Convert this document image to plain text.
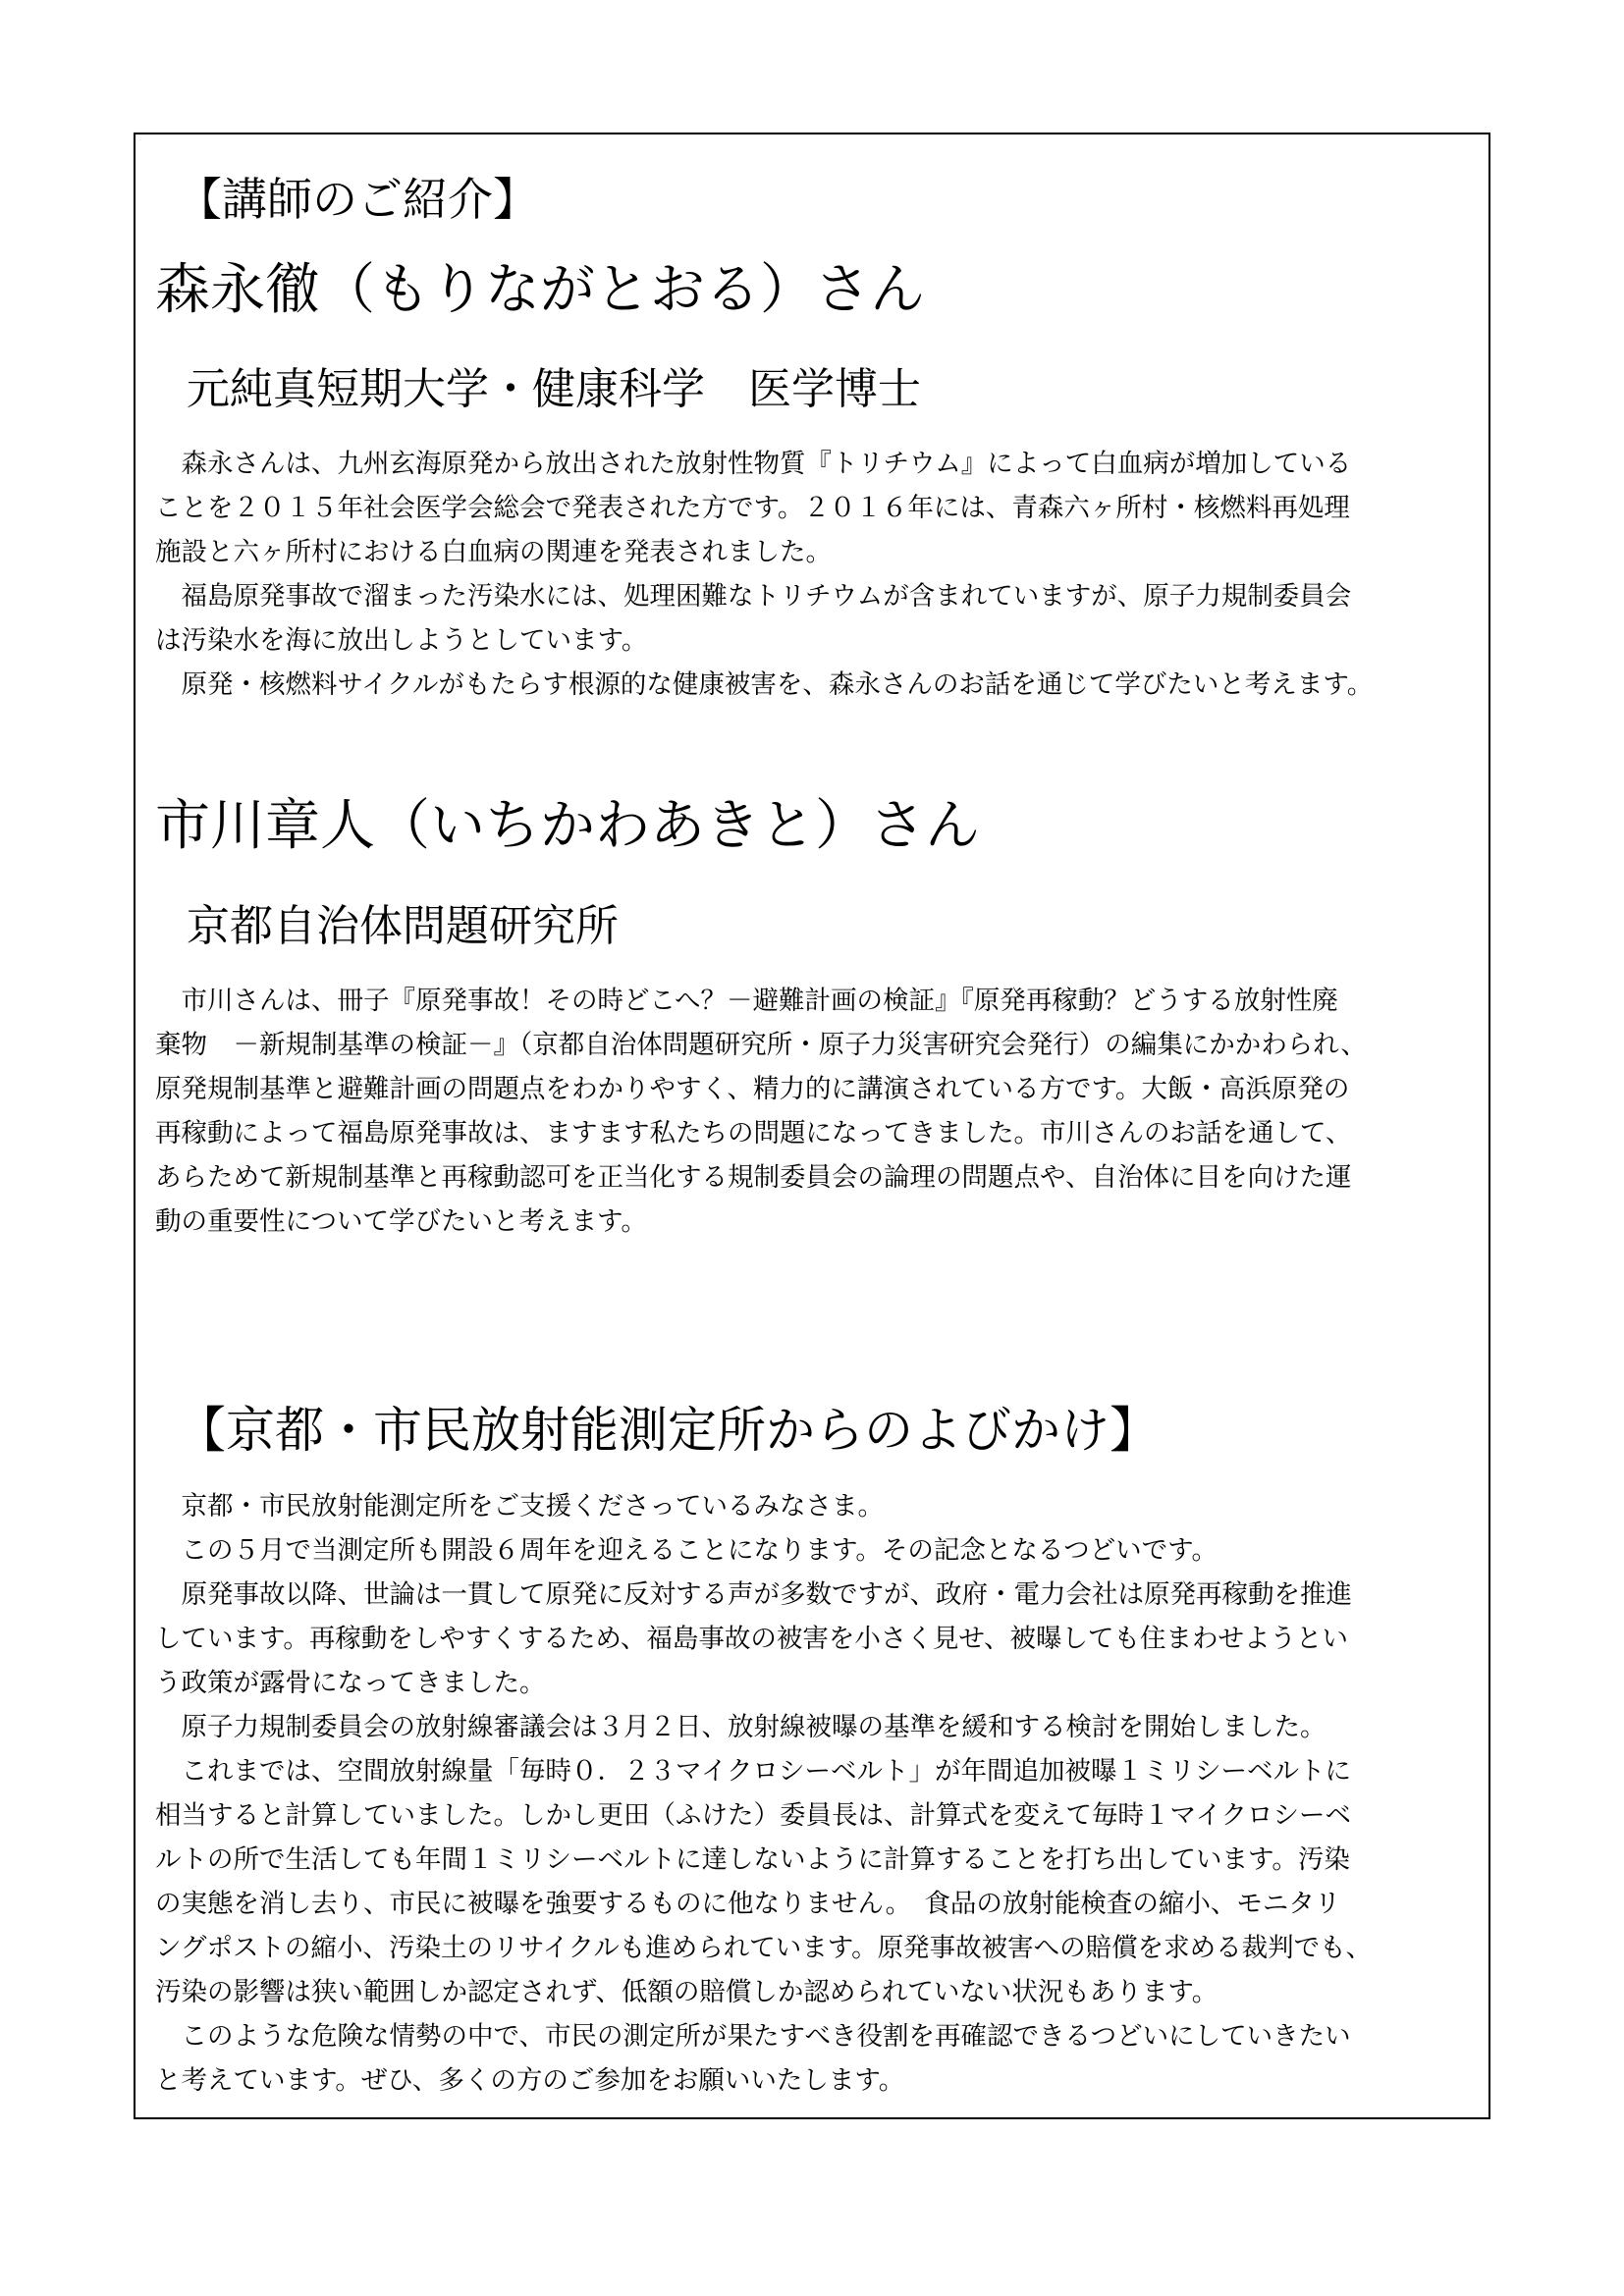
【講師のご紹介】
森永徹（もりながとおる）さん
元純真短期大学・健康科学　医学博士
　森永さんは、九州玄海原発から放出された放射性物質『トリチウム』によって白血病が増加している
ことを２０１５年社会医学会総会で発表された方です。２０１６年には、青森六ヶ所村・核燃料再処理
施設と六ヶ所村における白血病の関連を発表されました。
　福島原発事故で溜まった汚染水には、処理困難なトリチウムが含まれていますが、原子力規制委員会
は汚染水を海に放出しようとしています。
　原発・核燃料サイクルがもたらす根源的な健康被害を、森永さんのお話を通じて学びたいと考えます。
市川章人（いちかわあきと）さん
京都自治体問題研究所
　市川さんは、冊子『原発事故！その時どこへ？－避難計画の検証』『原発再稼動？どうする放射性廃
棄物　－新規制基準の検証－』（京都自治体問題研究所・原子力災害研究会発行）の編集にかかわられ、
原発規制基準と避難計画の問題点をわかりやすく、精力的に講演されている方です。大飯・高浜原発の
再稼動によって福島原発事故は、ますます私たちの問題になってきました。市川さんのお話を通して、
あらためて新規制基準と再稼動認可を正当化する規制委員会の論理の問題点や、自治体に目を向けた運
動の重要性について学びたいと考えます。
【京都・市民放射能測定所からのよびかけ】
　京都・市民放射能測定所をご支援くださっているみなさま。
　この５月で当測定所も開設６周年を迎えることになります。その記念となるつどいです。
　原発事故以降、世論は一貫して原発に反対する声が多数ですが、政府・電力会社は原発再稼動を推進
しています。再稼動をしやすくするため、福島事故の被害を小さく見せ、被曝しても住まわせようとい
う政策が露骨になってきました。
　原子力規制委員会の放射線審議会は３月２日、放射線被曝の基準を緩和する検討を開始しました。
　これまでは、空間放射線量「毎時０．２３マイクロシーベルト」が年間追加被曝１ミリシーベルトに
相当すると計算していました。しかし更田（ふけた）委員長は、計算式を変えて毎時１マイクロシーベ
ルトの所で生活しても年間１ミリシーベルトに達しないように計算することを打ち出しています。汚染
の実態を消し去り、市民に被曝を強要するものに他なりません。　食品の放射能検査の縮小、モニタリ
ングポストの縮小、汚染土のリサイクルも進められています。原発事故被害への賠償を求める裁判でも、
汚染の影響は狭い範囲しか認定されず、低額の賠償しか認められていない状況もあります。
　このような危険な情勢の中で、市民の測定所が果たすべき役割を再確認できるつどいにしていきたい
と考えています。ぜひ、多くの方のご参加をお願いいたします。
